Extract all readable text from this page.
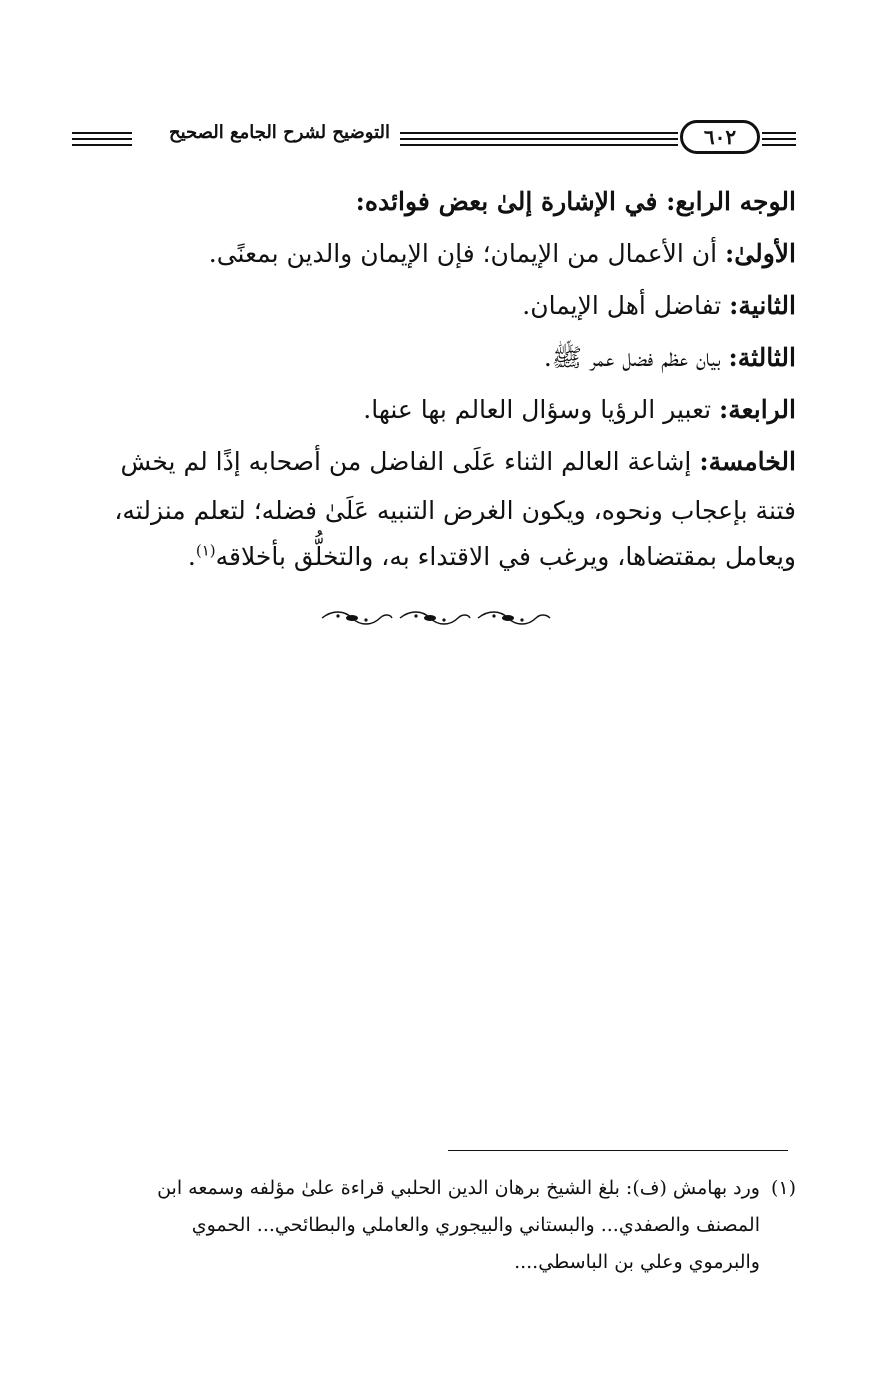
التوضيح لشرح الجامع الصحيح	٦٠٢
الوجه الرابع: في الإشارة إلىٰ بعض فوائده:
الأولىٰ: أن الأعمال من الإيمان؛ فإن الإيمان والدين بمعنًى.
الثانية: تفاضل أهل الإيمان.
الثالثة: بيان عظم فضل عمر ﷺ.
الرابعة: تعبير الرؤيا وسؤال العالم بها عنها.
الخامسة: إشاعة العالم الثناء عَلَى الفاضل من أصحابه إذًا لم يخش
فتنة بإعجاب ونحوه، ويكون الغرض التنبيه عَلَىٰ فضله؛ لتعلم منزلته،
ويعامل بمقتضاها، ويرغب في الاقتداء به، والتخلُّق بأخلاقه$^{(١)}$.
(١)ورد بهامش (ف): بلغ الشيخ برهان الدين الحلبي قراءة علىٰ مؤلفه وسمعه ابن
المصنف والصفدي... والبستاني والبيجوري والعاملي والبطائحي... الحموي
والبرموي وعلي بن الباسطي....
